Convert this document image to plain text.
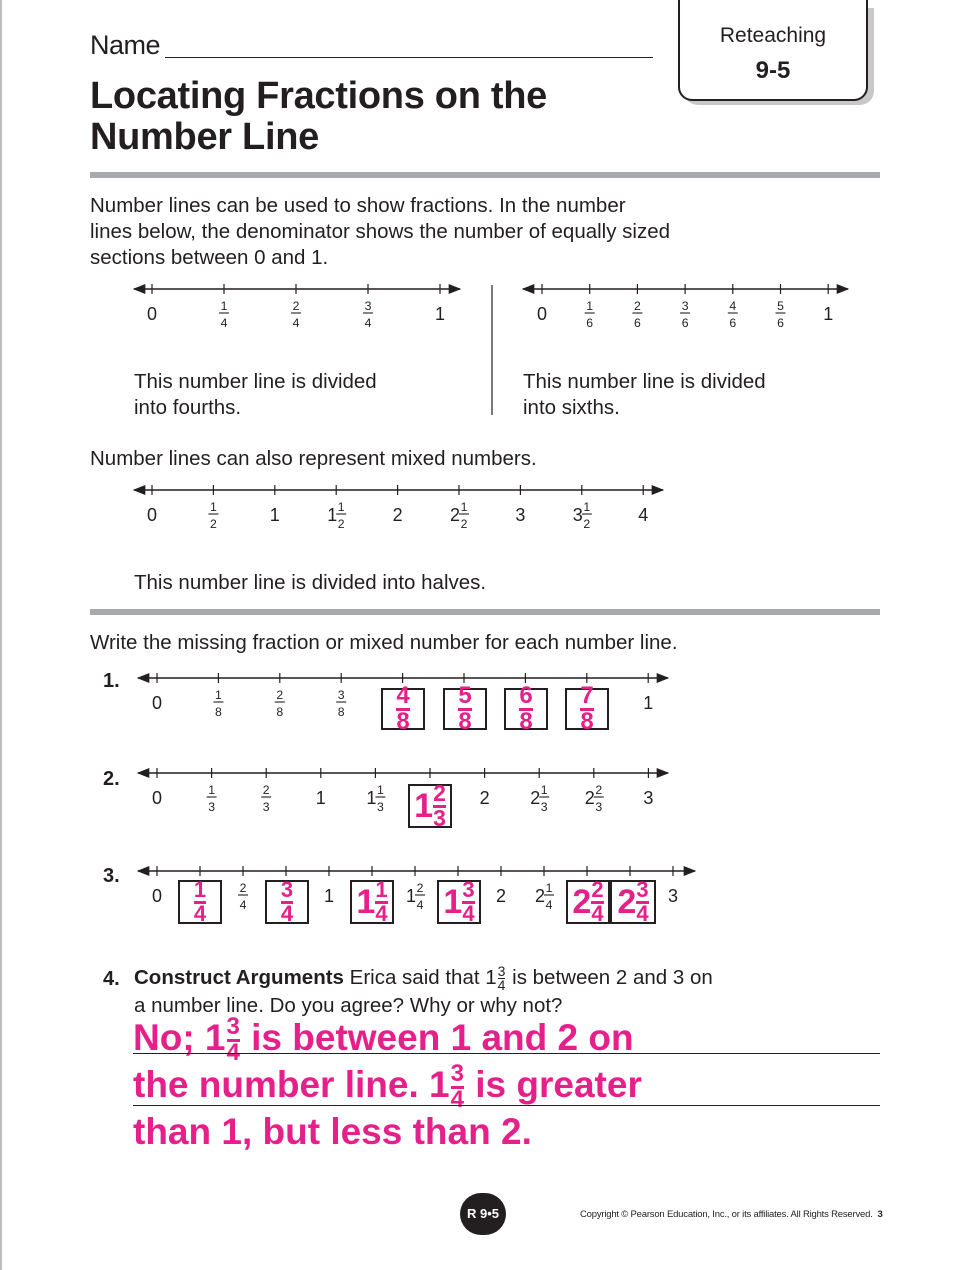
Name
Locating Fractions on the
Number Line
Reteaching
9-5
Number lines can be used to show fractions. In the number
lines below, the denominator shows the number of equally sized
sections between 0 and 1.
0	1
4
2
4
3
4	1	0	1
6
2
6
3
6
4
6
5
6 1
0	1
2	1	1 1
2	2	2 1
2	3	3 1
2	4
0	1
8
2
8
3
8	1
0	1
3
2
3	1 1 1
3	2 2 1
3 2 2
3 3
0	2
4	1	1 2
4	2 2 1
4	3
This number line is divided
into fourths.
This number line is divided
into sixths.
Number lines can also represent mixed numbers.
This number line is divided into halves.
Write the missing fraction or mixed number for each number line.
1.
2.
3.
4
8
5
8
6
8
7
8
1 2
3
1
4
3
4 1 1
4 1 3
4	2 2
4 2 3
4
4. Construct Arguments Erica said that $1 \frac{3}{4}$ is between 2 and 3 on
a number line. Do you agree? Why or why not?
No; $1 \frac{3}{4}$ is between 1 and 2 on
the number line. $1 \frac{3}{4}$ is greater
than 1, but less than 2.
R 9•5	Copyright © Pearson Education, Inc., or its affiliates. All Rights Reserved. 3
